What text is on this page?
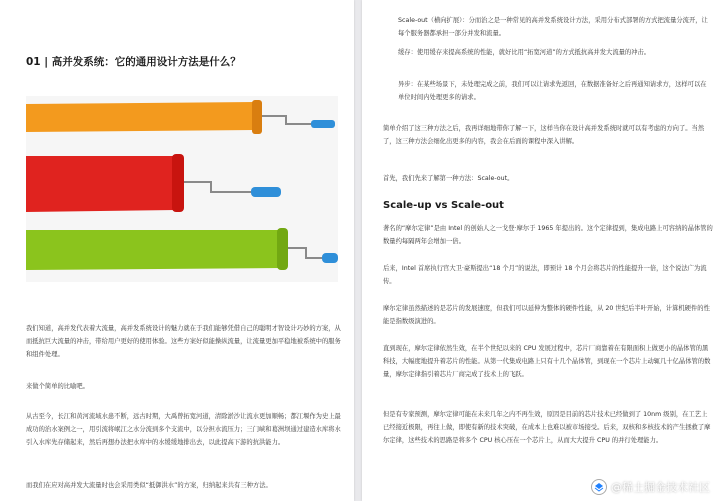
01 | 高并发系统：它的通用设计方法是什么？
我们知道，高并发代表着大流量，高并发系统设计的魅力就在于我们能够凭借自己的聪明才智设计巧妙的方案，从而抵抗巨大流量的冲击，带给用户更好的使用体验。这些方案好似能操纵流量，让流量更加平稳地被系统中的服务和组件处理。
来做个简单的比喻吧。
从古至今，长江和黄河流域水患不断，远古时期，大禹曾拓宽河道，清除淤沙让流水更加顺畅；都江堰作为史上最成功的治水案例之一，用引流将岷江之水分流到多个支流中，以分担水流压力；三门峡和葛洲坝通过建造水库将水引入水库先存储起来，然后再想办法把水库中的水缓缓地排出去，以此提高下游的抗洪能力。
而我们在应对高并发大流量时也会采用类似“抵御洪水”的方案，归纳起来共有三种方法。
Scale-out（横向扩展）：分而治之是一种常见的高并发系统设计方法，采用分布式部署的方式把流量分流开，让每个服务器都承担一部分并发和流量。
缓存：使用缓存来提高系统的性能，就好比用“拓宽河道”的方式抵抗高并发大流量的冲击。
异步：在某些场景下，未处理完成之前，我们可以让请求先返回，在数据准备好之后再通知请求方，这样可以在单位时间内处理更多的请求。
简单介绍了这三种方法之后，我再详细地带你了解一下，这样当你在设计高并发系统时就可以有考虑的方向了。当然了，这三种方法会细化出更多的内容，我会在后面的课程中深入讲解。
首先，我们先来了解第一种方法：Scale-out。
Scale-up vs Scale-out
著名的“摩尔定律”是由 Intel 的创始人之一戈登·摩尔于 1965 年提出的。这个定律提到，集成电路上可容纳的晶体管的数量约每隔两年会增加一倍。
后来，Intel 首席执行官大卫·豪斯提出“18 个月”的说法，即预计 18 个月会将芯片的性能提升一倍，这个说法广为流传。
摩尔定律虽然描述的是芯片的发展速度，但我们可以延伸为整体的硬件性能，从 20 世纪后半叶开始，计算机硬件的性能是指数级演进的。
直到现在，摩尔定律依然生效，在半个世纪以来的 CPU 发展过程中，芯片厂商靠着在有限面积上做更小的晶体管的黑科技，大幅度地提升着芯片的性能。从第一代集成电路上只有十几个晶体管，到现在一个芯片上动辄几十亿晶体管的数量，摩尔定律指引着芯片厂商完成了技术上的飞跃。
但是有专家预测，摩尔定律可能在未来几年之内不再生效，原因是目前的芯片技术已经做到了 10nm 级别，在工艺上已经接近极限，再往上做，即使有新的技术突破，在成本上也难以被市场接受。后来，双核和多核技术的产生拯救了摩尔定律，这些技术的思路是将多个 CPU 核心压在一个芯片上，从而大大提升 CPU 的并行处理能力。
@稀土掘金技术社区
